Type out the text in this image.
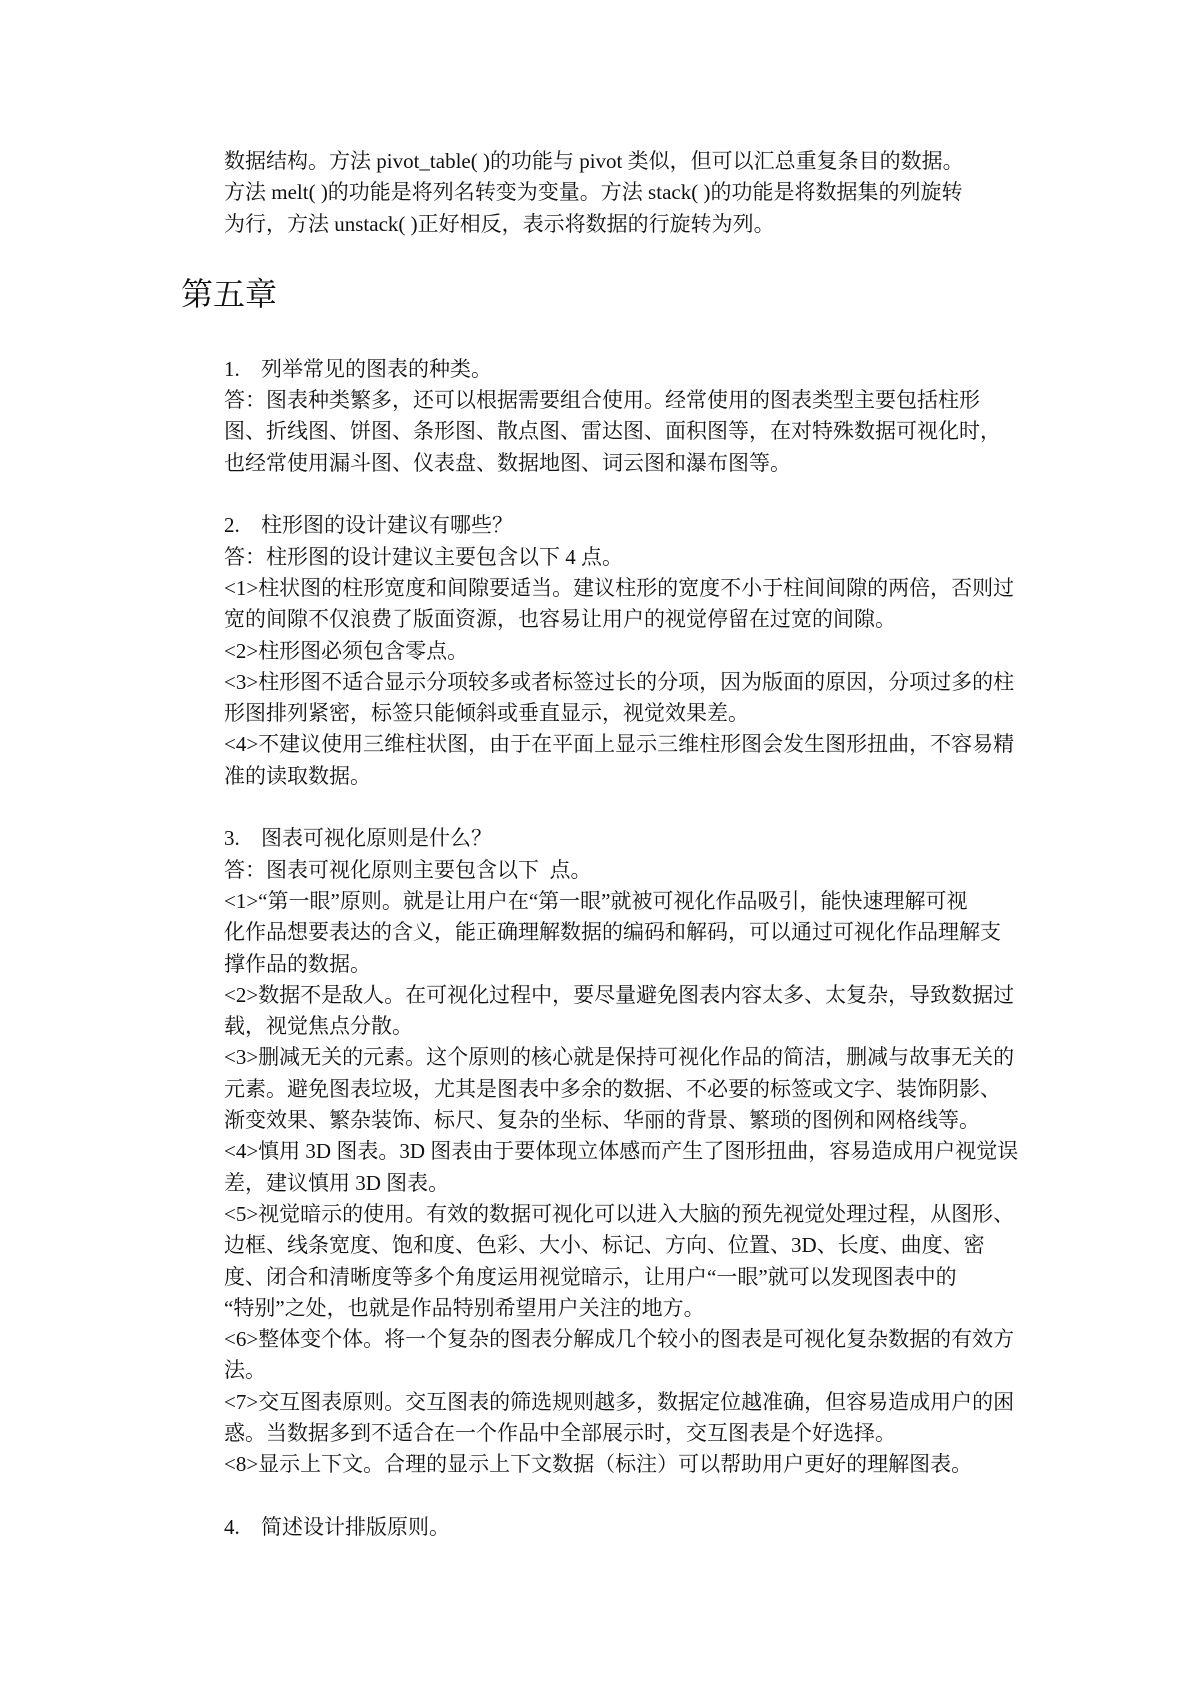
数据结构。方法 pivot_table( )的功能与 pivot 类似，但可以汇总重复条目的数据。
方法 melt( )的功能是将列名转变为变量。方法 stack( )的功能是将数据集的列旋转
为行，方法 unstack( )正好相反，表示将数据的行旋转为列。
第五章
1. 列举常见的图表的种类。
答：图表种类繁多，还可以根据需要组合使用。经常使用的图表类型主要包括柱形
图、折线图、饼图、条形图、散点图、雷达图、面积图等，在对特殊数据可视化时，
也经常使用漏斗图、仪表盘、数据地图、词云图和瀑布图等。
2. 柱形图的设计建议有哪些？
答：柱形图的设计建议主要包含以下 4 点。
<1>柱状图的柱形宽度和间隙要适当。建议柱形的宽度不小于柱间间隙的两倍，否则过
宽的间隙不仅浪费了版面资源，也容易让用户的视觉停留在过宽的间隙。
<2>柱形图必须包含零点。
<3>柱形图不适合显示分项较多或者标签过长的分项，因为版面的原因，分项过多的柱
形图排列紧密，标签只能倾斜或垂直显示，视觉效果差。
<4>不建议使用三维柱状图，由于在平面上显示三维柱形图会发生图形扭曲，不容易精
准的读取数据。
3. 图表可视化原则是什么？
答：图表可视化原则主要包含以下  点。
<1>“第一眼”原则。就是让用户在“第一眼”就被可视化作品吸引，能快速理解可视
化作品想要表达的含义，能正确理解数据的编码和解码，可以通过可视化作品理解支
撑作品的数据。
<2>数据不是敌人。在可视化过程中，要尽量避免图表内容太多、太复杂，导致数据过
载，视觉焦点分散。
<3>删减无关的元素。这个原则的核心就是保持可视化作品的简洁，删减与故事无关的
元素。避免图表垃圾，尤其是图表中多余的数据、不必要的标签或文字、装饰阴影、
渐变效果、繁杂装饰、标尺、复杂的坐标、华丽的背景、繁琐的图例和网格线等。
<4>慎用 3D 图表。3D 图表由于要体现立体感而产生了图形扭曲，容易造成用户视觉误
差，建议慎用 3D 图表。
<5>视觉暗示的使用。有效的数据可视化可以进入大脑的预先视觉处理过程，从图形、
边框、线条宽度、饱和度、色彩、大小、标记、方向、位置、3D、长度、曲度、密
度、闭合和清晰度等多个角度运用视觉暗示，让用户“一眼”就可以发现图表中的
“特别”之处，也就是作品特别希望用户关注的地方。
<6>整体变个体。将一个复杂的图表分解成几个较小的图表是可视化复杂数据的有效方
法。
<7>交互图表原则。交互图表的筛选规则越多，数据定位越准确，但容易造成用户的困
惑。当数据多到不适合在一个作品中全部展示时，交互图表是个好选择。
<8>显示上下文。合理的显示上下文数据（标注）可以帮助用户更好的理解图表。
4. 简述设计排版原则。
